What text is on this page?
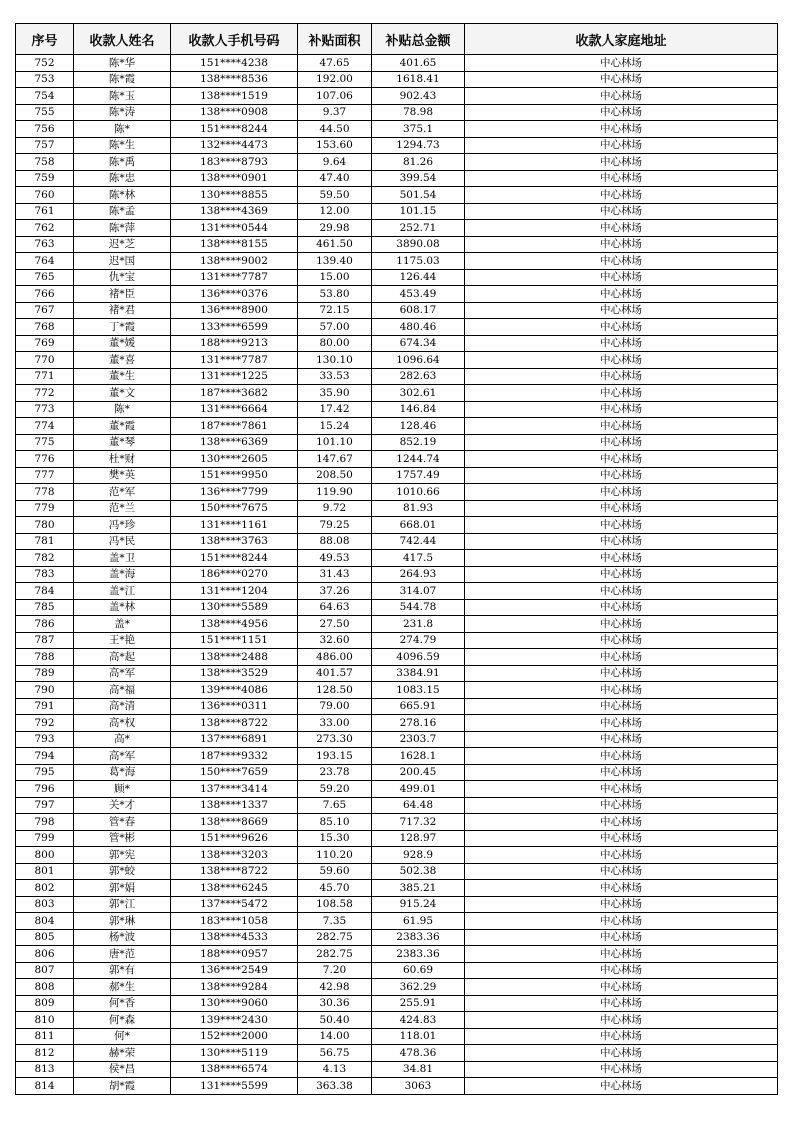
序号	收款人姓名	收款人手机号码	补贴面积	补贴总金额	收款人家庭地址
752	陈*华	151****4238	47.65	401.65	中心林场
753	陈*霞	138****8536	192.00	1618.41	中心林场
754	陈*玉	138****1519	107.06	902.43	中心林场
755	陈*涛	138****0908	9.37	78.98	中心林场
756	陈*	151****8244	44.50	375.1	中心林场
757	陈*生	132****4473	153.60	1294.73	中心林场
758	陈*禹	183****8793	9.64	81.26	中心林场
759	陈*忠	138****0901	47.40	399.54	中心林场
760	陈*林	130****8855	59.50	501.54	中心林场
761	陈*孟	138****4369	12.00	101.15	中心林场
762	陈*萍	131****0544	29.98	252.71	中心林场
763	迟*芝	138****8155	461.50	3890.08	中心林场
764	迟*国	138****9002	139.40	1175.03	中心林场
765	仇*宝	131****7787	15.00	126.44	中心林场
766	褚*臣	136****0376	53.80	453.49	中心林场
767	褚*君	136****8900	72.15	608.17	中心林场
768	丁*霞	133****6599	57.00	480.46	中心林场
769	董*媛	188****9213	80.00	674.34	中心林场
770	董*喜	131****7787	130.10	1096.64	中心林场
771	董*生	131****1225	33.53	282.63	中心林场
772	董*文	187****3682	35.90	302.61	中心林场
773	陈*	131****6664	17.42	146.84	中心林场
774	董*霞	187****7861	15.24	128.46	中心林场
775	董*琴	138****6369	101.10	852.19	中心林场
776	杜*财	130****2605	147.67	1244.74	中心林场
777	樊*英	151****9950	208.50	1757.49	中心林场
778	范*军	136****7799	119.90	1010.66	中心林场
779	范*兰	150****7675	9.72	81.93	中心林场
780	冯*珍	131****1161	79.25	668.01	中心林场
781	冯*民	138****3763	88.08	742.44	中心林场
782	盖*卫	151****8244	49.53	417.5	中心林场
783	盖*海	186****0270	31.43	264.93	中心林场
784	盖*江	131****1204	37.26	314.07	中心林场
785	盖*林	130****5589	64.63	544.78	中心林场
786	盖*	138****4956	27.50	231.8	中心林场
787	王*艳	151****1151	32.60	274.79	中心林场
788	高*起	138****2488	486.00	4096.59	中心林场
789	高*军	138****3529	401.57	3384.91	中心林场
790	高*福	139****4086	128.50	1083.15	中心林场
791	高*清	136****0311	79.00	665.91	中心林场
792	高*权	138****8722	33.00	278.16	中心林场
793	高*	137****6891	273.30	2303.7	中心林场
794	高*军	187****9332	193.15	1628.1	中心林场
795	葛*海	150****7659	23.78	200.45	中心林场
796	顾*	137****3414	59.20	499.01	中心林场
797	关*才	138****1337	7.65	64.48	中心林场
798	管*春	138****8669	85.10	717.32	中心林场
799	管*彬	151****9626	15.30	128.97	中心林场
800	郭*宪	138****3203	110.20	928.9	中心林场
801	郭*蛟	138****8722	59.60	502.38	中心林场
802	郭*娟	138****6245	45.70	385.21	中心林场
803	郭*江	137****5472	108.58	915.24	中心林场
804	郭*琳	183****1058	7.35	61.95	中心林场
805	杨*波	138****4533	282.75	2383.36	中心林场
806	唐*范	188****0957	282.75	2383.36	中心林场
807	郭*有	136****2549	7.20	60.69	中心林场
808	郝*生	138****9284	42.98	362.29	中心林场
809	何*香	130****9060	30.36	255.91	中心林场
810	何*森	139****2430	50.40	424.83	中心林场
811	何*	152****2000	14.00	118.01	中心林场
812	赫*荣	130****5119	56.75	478.36	中心林场
813	侯*昌	138****6574	4.13	34.81	中心林场
814	胡*霞	131****5599	363.38	3063	中心林场
